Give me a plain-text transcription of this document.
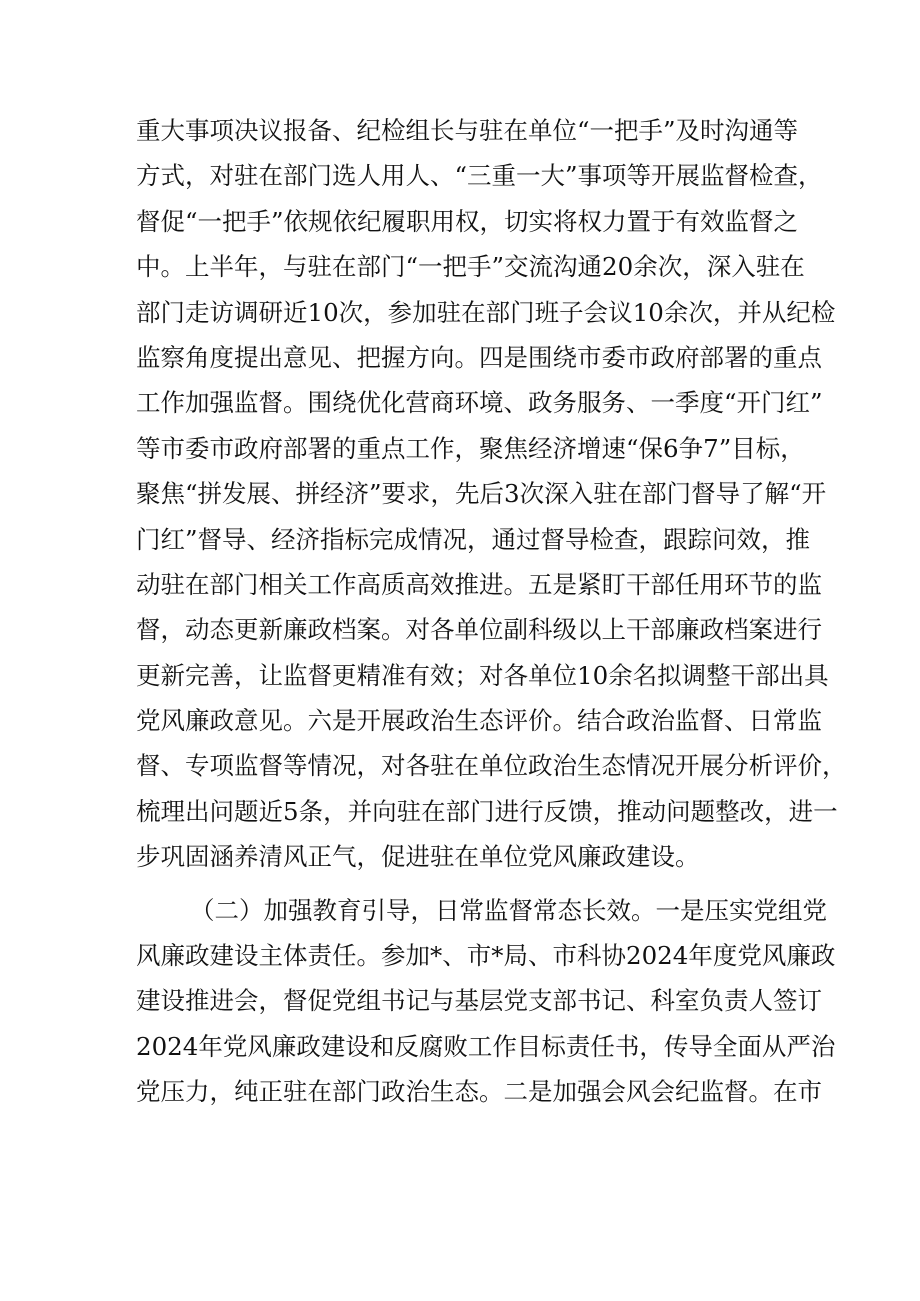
重大事项决议报备、纪检组长与驻在单位“一把手”及时沟通等
方式，对驻在部门选人用人、“三重一大”事项等开展监督检查，
督促“一把手”依规依纪履职用权，切实将权力置于有效监督之
中。上半年，与驻在部门“一把手”交流沟通20余次，深入驻在
部门走访调研近10次，参加驻在部门班子会议10余次，并从纪检
监察角度提出意见、把握方向。四是围绕市委市政府部署的重点
工作加强监督。围绕优化营商环境、政务服务、一季度“开门红”
等市委市政府部署的重点工作，聚焦经济增速“保6争7”目标，
聚焦“拼发展、拼经济”要求，先后3次深入驻在部门督导了解“开
门红”督导、经济指标完成情况，通过督导检查，跟踪问效，推
动驻在部门相关工作高质高效推进。五是紧盯干部任用环节的监
督，动态更新廉政档案。对各单位副科级以上干部廉政档案进行
更新完善，让监督更精准有效；对各单位10余名拟调整干部出具
党风廉政意见。六是开展政治生态评价。结合政治监督、日常监
督、专项监督等情况，对各驻在单位政治生态情况开展分析评价，
梳理出问题近5条，并向驻在部门进行反馈，推动问题整改，进一
步巩固涵养清风正气，促进驻在单位党风廉政建设。
（二）加强教育引导，日常监督常态长效。一是压实党组党
风廉政建设主体责任。参加*、市*局、市科协2024年度党风廉政
建设推进会，督促党组书记与基层党支部书记、科室负责人签订
2024年党风廉政建设和反腐败工作目标责任书，传导全面从严治
党压力，纯正驻在部门政治生态。二是加强会风会纪监督。在市
